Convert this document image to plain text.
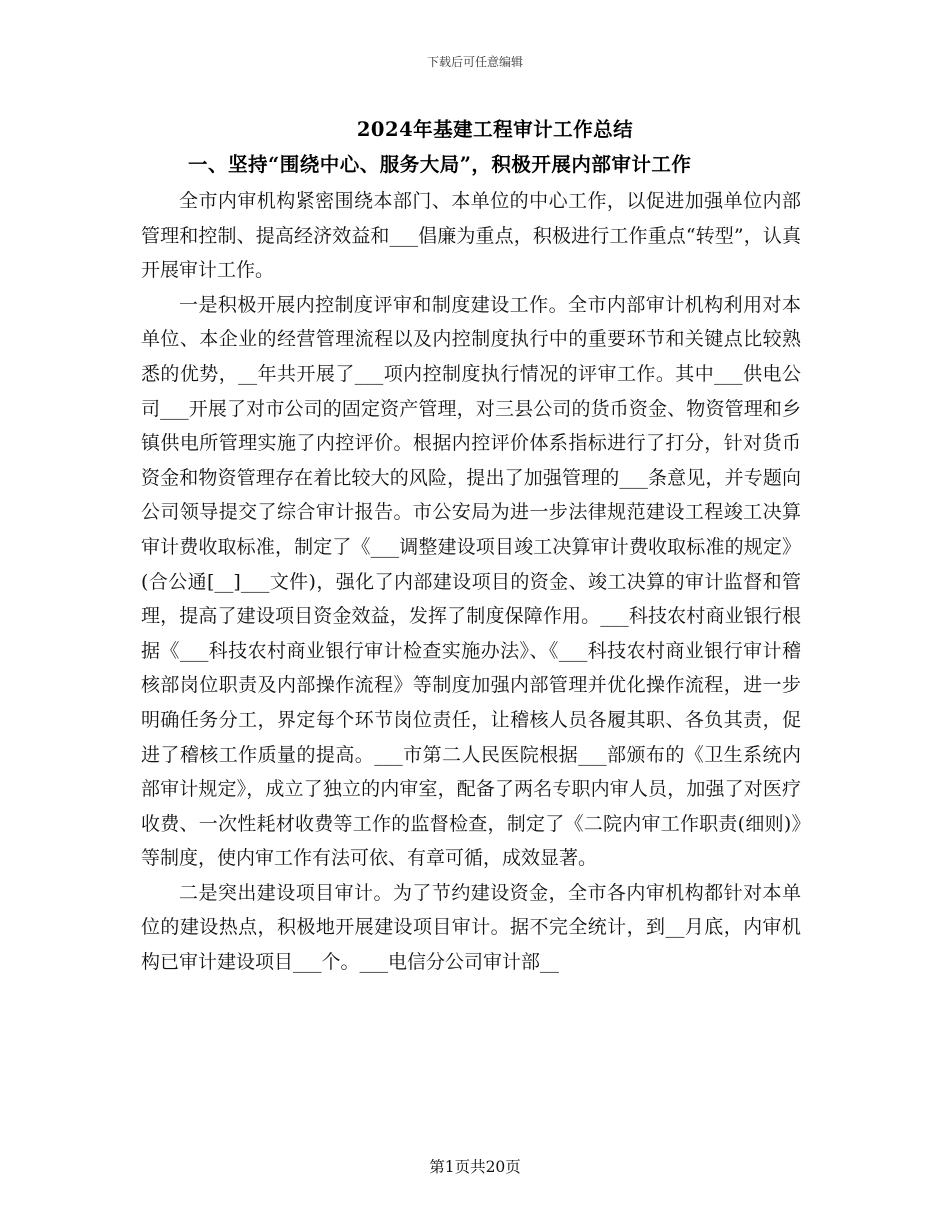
下载后可任意编辑
2024年基建工程审计工作总结
一、坚持“围绕中心、服务大局”，积极开展内部审计工作

全市内审机构紧密围绕本部门、本单位的中心工作，以促进加强单位内部管理和控制、提高经济效益和___倡廉为重点，积极进行工作重点“转型”，认真开展审计工作。

一是积极开展内控制度评审和制度建设工作。全市内部审计机构利用对本单位、本企业的经营管理流程以及内控制度执行中的重要环节和关键点比较熟悉的优势，__年共开展了___项内控制度执行情况的评审工作。其中___供电公司___开展了对市公司的固定资产管理，对三县公司的货币资金、物资管理和乡镇供电所管理实施了内控评价。根据内控评价体系指标进行了打分，针对货币资金和物资管理存在着比较大的风险，提出了加强管理的___条意见，并专题向公司领导提交了综合审计报告。市公安局为进一步法律规范建设工程竣工决算审计费收取标准，制定了《___调整建设项目竣工决算审计费收取标准的规定》(合公通[__]___文件)，强化了内部建设项目的资金、竣工决算的审计监督和管理，提高了建设项目资金效益，发挥了制度保障作用。___科技农村商业银行根据《___科技农村商业银行审计检查实施办法》、《___科技农村商业银行审计稽核部岗位职责及内部操作流程》等制度加强内部管理并优化操作流程，进一步明确任务分工，界定每个环节岗位责任，让稽核人员各履其职、各负其责，促进了稽核工作质量的提高。___市第二人民医院根据___部颁布的《卫生系统内部审计规定》，成立了独立的内审室，配备了两名专职内审人员，加强了对医疗收费、一次性耗材收费等工作的监督检查，制定了《二院内审工作职责(细则)》等制度，使内审工作有法可依、有章可循，成效显著。

二是突出建设项目审计。为了节约建设资金，全市各内审机构都针对本单位的建设热点，积极地开展建设项目审计。据不完全统计，到__月底，内审机构已审计建设项目___个。___电信分公司审计部__

第1页共20页
